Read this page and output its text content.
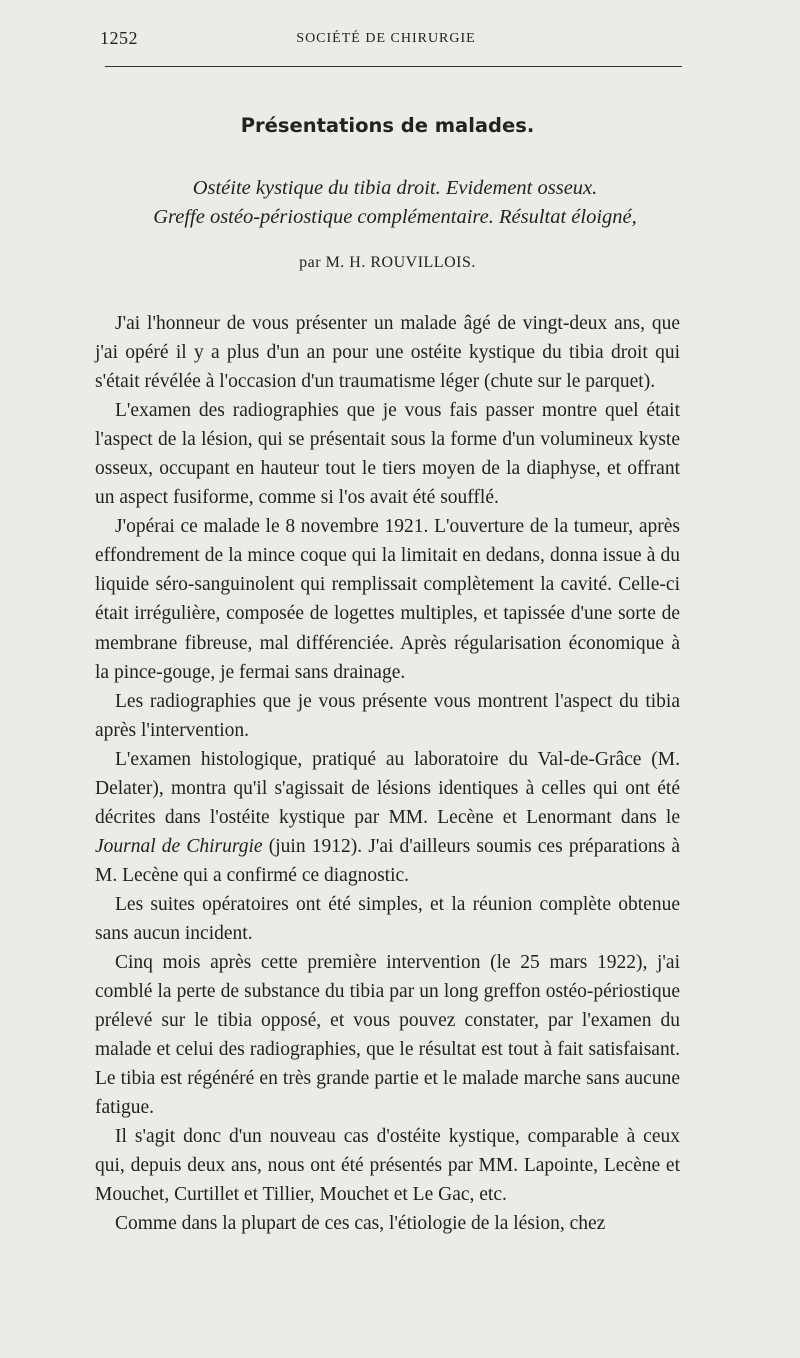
1252	SOCIÉTÉ DE CHIRURGIE
Présentations de malades.
Ostéite kystique du tibia droit. Evidement osseux.
Greffe ostéo-périostique complémentaire. Résultat éloigné,
par M. H. ROUVILLOIS.

J'ai l'honneur de vous présenter un malade âgé de vingt-deux ans, que j'ai opéré il y a plus d'un an pour une ostéite kystique du tibia droit qui s'était révélée à l'occasion d'un traumatisme léger (chute sur le parquet).

L'examen des radiographies que je vous fais passer montre quel était l'aspect de la lésion, qui se présentait sous la forme d'un volumineux kyste osseux, occupant en hauteur tout le tiers moyen de la diaphyse, et offrant un aspect fusiforme, comme si l'os avait été soufflé.

J'opérai ce malade le 8 novembre 1921. L'ouverture de la tumeur, après effondrement de la mince coque qui la limitait en dedans, donna issue à du liquide séro-sanguinolent qui remplissait complètement la cavité. Celle-ci était irrégulière, composée de logettes multiples, et tapissée d'une sorte de membrane fibreuse, mal différenciée. Après régularisation économique à la pince-gouge, je fermai sans drainage.

Les radiographies que je vous présente vous montrent l'aspect du tibia après l'intervention.

L'examen histologique, pratiqué au laboratoire du Val-de-Grâce (M. Delater), montra qu'il s'agissait de lésions identiques à celles qui ont été décrites dans l'ostéite kystique par MM. Lecène et Lenormant dans le Journal de Chirurgie (juin 1912). J'ai d'ailleurs soumis ces préparations à M. Lecène qui a confirmé ce diagnostic.

Les suites opératoires ont été simples, et la réunion complète obtenue sans aucun incident.

Cinq mois après cette première intervention (le 25 mars 1922), j'ai comblé la perte de substance du tibia par un long greffon ostéo-périostique prélevé sur le tibia opposé, et vous pouvez constater, par l'examen du malade et celui des radiographies, que le résultat est tout à fait satisfaisant. Le tibia est régénéré en très grande partie et le malade marche sans aucune fatigue.

Il s'agit donc d'un nouveau cas d'ostéite kystique, comparable à ceux qui, depuis deux ans, nous ont été présentés par MM. Lapointe, Lecène et Mouchet, Curtillet et Tillier, Mouchet et Le Gac, etc.

Comme dans la plupart de ces cas, l'étiologie de la lésion, chez
